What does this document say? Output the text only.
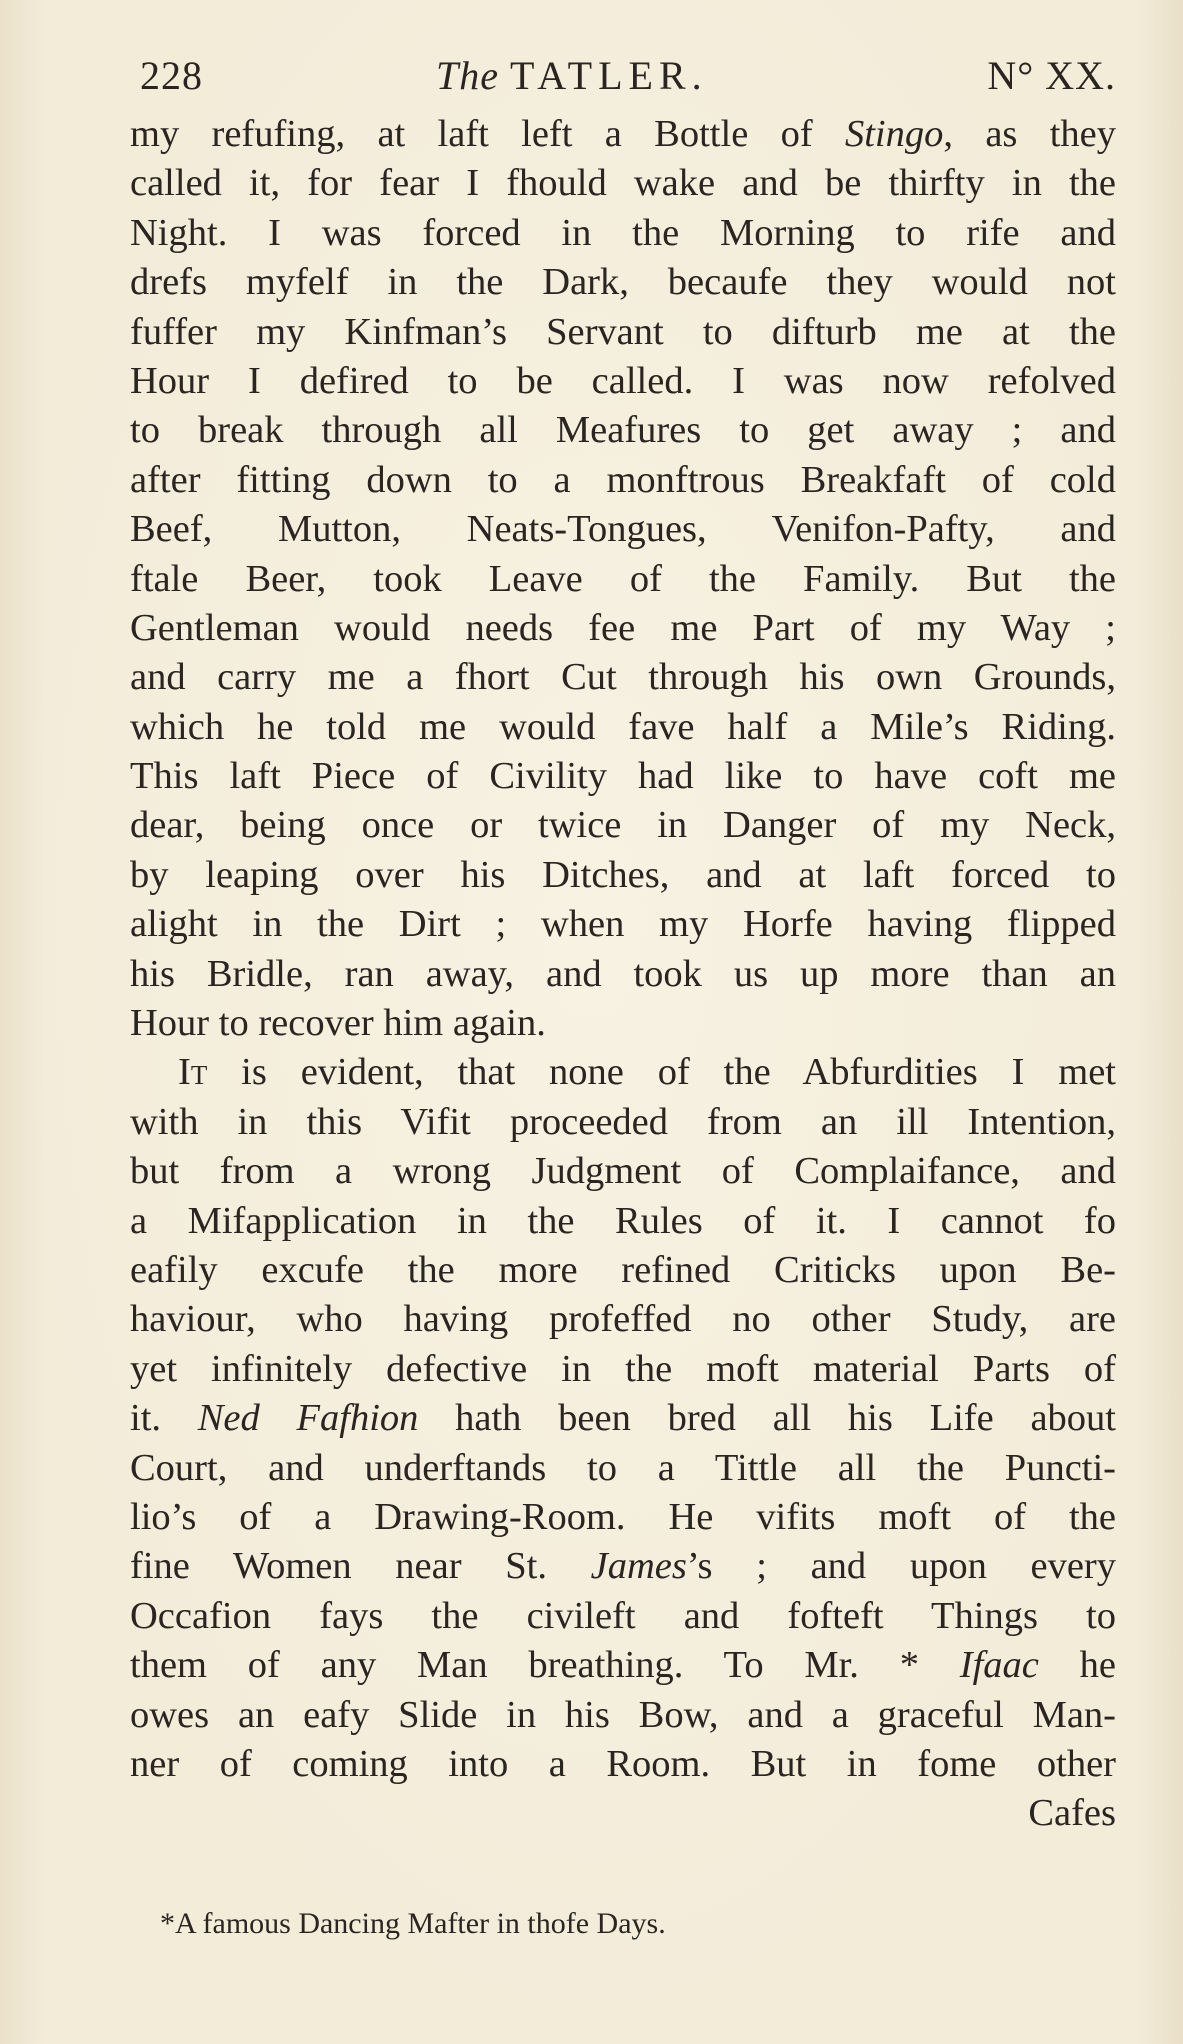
228	The TATLER.	N° XX.
my refufing, at laft left a Bottle of Stingo, as they
called it, for fear I fhould wake and be thirfty in the
Night. I was forced in the Morning to rife and
drefs myfelf in the Dark, becaufe they would not
fuffer my Kinfman’s Servant to difturb me at the
Hour I defired to be called. I was now refolved
to break through all Meafures to get away ; and
after fitting down to a monftrous Breakfaft of cold
Beef, Mutton, Neats-Tongues, Venifon-Pafty, and
ftale Beer, took Leave of the Family. But the
Gentleman would needs fee me Part of my Way ;
and carry me a fhort Cut through his own Grounds,
which he told me would fave half a Mile’s Riding.
This laft Piece of Civility had like to have coft me
dear, being once or twice in Danger of my Neck,
by leaping over his Ditches, and at laft forced to
alight in the Dirt ; when my Horfe having flipped
his Bridle, ran away, and took us up more than an
Hour to recover him again.
It is evident, that none of the Abfurdities I met
with in this Vifit proceeded from an ill Intention,
but from a wrong Judgment of Complaifance, and
a Mifapplication in the Rules of it. I cannot fo
eafily excufe the more refined Criticks upon Be-
haviour, who having profeffed no other Study, are
yet infinitely defective in the moft material Parts of
it. Ned Fafhion hath been bred all his Life about
Court, and underftands to a Tittle all the Puncti-
lio’s of a Drawing-Room. He vifits moft of the
fine Women near St. James’s ; and upon every
Occafion fays the civileft and fofteft Things to
them of any Man breathing. To Mr. * Ifaac he
owes an eafy Slide in his Bow, and a graceful Man-
ner of coming into a Room. But in fome other
Cafes
*A famous Dancing Mafter in thofe Days.
